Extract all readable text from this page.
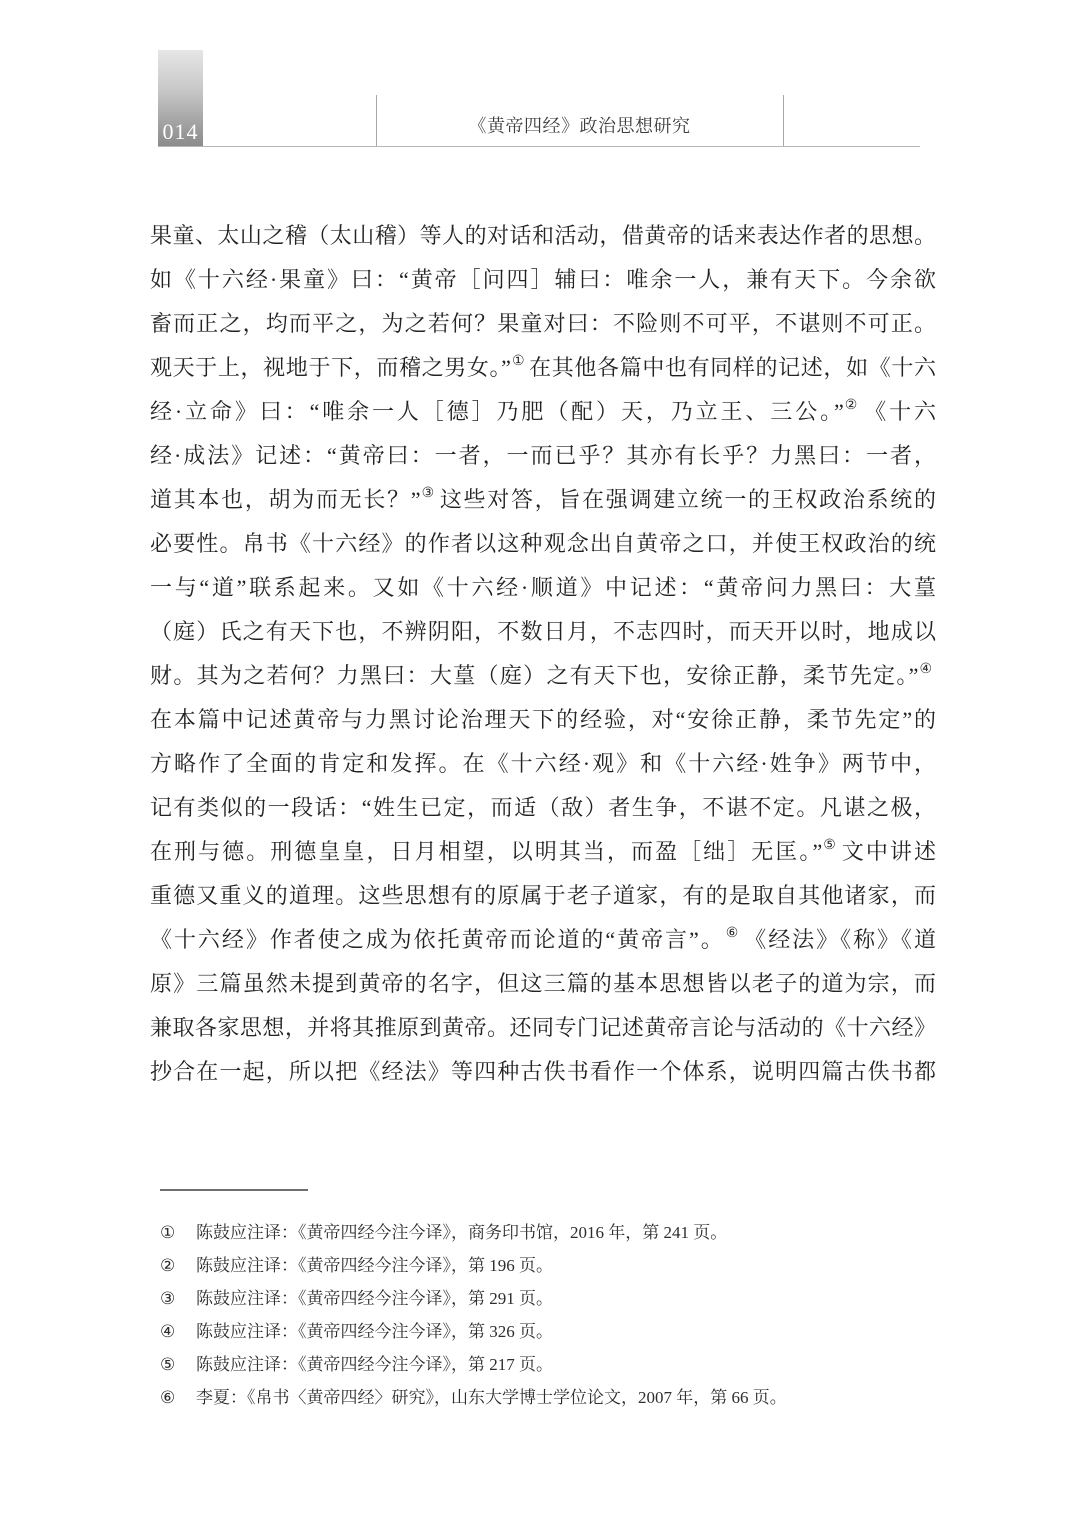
014	《黄帝四经》政治思想研究
果童、太山之稽（太山稽）等人的对话和活动，借黄帝的话来表达作者的思想。
如《十六经·果童》曰：“黄帝［问四］辅曰：唯余一人，兼有天下。今余欲
畜而正之，均而平之，为之若何？果童对曰：不险则不可平，不谌则不可正。
观天于上，视地于下，而稽之男女。”① 在其他各篇中也有同样的记述，如《十六
经·立命》曰：“唯余一人［德］乃肥（配）天，乃立王、三公。”② 《十六
经·成法》记述：“黄帝曰：一者，一而已乎？其亦有长乎？力黑曰：一者，
道其本也，胡为而无长？”③ 这些对答，旨在强调建立统一的王权政治系统的
必要性。帛书《十六经》的作者以这种观念出自黄帝之口，并使王权政治的统
一与“道”联系起来。又如《十六经·顺道》中记述：“黄帝问力黑曰：大葟
（庭）氏之有天下也，不辨阴阳，不数日月，不志四时，而天开以时，地成以
财。其为之若何？力黑曰：大葟（庭）之有天下也，安徐正静，柔节先定。”④
在本篇中记述黄帝与力黑讨论治理天下的经验，对“安徐正静，柔节先定”的
方略作了全面的肯定和发挥。在《十六经·观》和《十六经·姓争》两节中，
记有类似的一段话：“姓生已定，而适（敌）者生争，不谌不定。凡谌之极，
在刑与德。刑德皇皇，日月相望，以明其当，而盈［绌］无匡。”⑤ 文中讲述
重德又重义的道理。这些思想有的原属于老子道家，有的是取自其他诸家，而
《十六经》作者使之成为依托黄帝而论道的“黄帝言”。⑥ 《经法》《称》《道
原》三篇虽然未提到黄帝的名字，但这三篇的基本思想皆以老子的道为宗，而
兼取各家思想，并将其推原到黄帝。还同专门记述黄帝言论与活动的《十六经》
抄合在一起，所以把《经法》等四种古佚书看作一个体系，说明四篇古佚书都
①	陈鼓应注译：《黄帝四经今注今译》，商务印书馆，2016 年，第 241 页。
②	陈鼓应注译：《黄帝四经今注今译》，第 196 页。
③	陈鼓应注译：《黄帝四经今注今译》，第 291 页。
④	陈鼓应注译：《黄帝四经今注今译》，第 326 页。
⑤	陈鼓应注译：《黄帝四经今注今译》，第 217 页。
⑥	李夏：《帛书〈黄帝四经〉研究》，山东大学博士学位论文，2007 年，第 66 页。
